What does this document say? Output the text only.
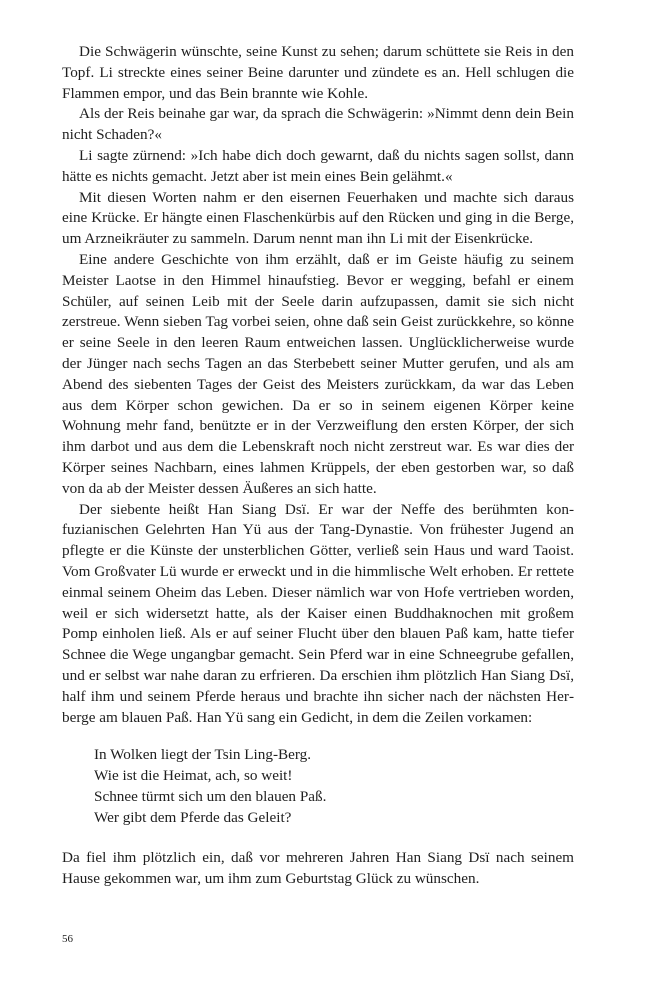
Die Schwägerin wünschte, seine Kunst zu sehen; darum schüttete sie Reis in den Topf. Li streckte eines seiner Beine darunter und zündete es an. Hell schlugen die Flammen empor, und das Bein brannte wie Kohle.

Als der Reis beinahe gar war, da sprach die Schwägerin: »Nimmt denn dein Bein nicht Schaden?«

Li sagte zürnend: »Ich habe dich doch gewarnt, daß du nichts sagen sollst, dann hätte es nichts gemacht. Jetzt aber ist mein eines Bein gelähmt.«

Mit diesen Worten nahm er den eisernen Feuerhaken und machte sich daraus eine Krücke. Er hängte einen Flaschenkürbis auf den Rücken und ging in die Berge, um Arzneikräuter zu sammeln. Darum nennt man ihn Li mit der Eisenkrücke.

Eine andere Geschichte von ihm erzählt, daß er im Geiste häufig zu seinem Meister Laotse in den Himmel hinaufstieg. Bevor er wegging, befahl er einem Schüler, auf seinen Leib mit der Seele darin aufzupassen, damit sie sich nicht zerstreue. Wenn sieben Tag vorbei seien, ohne daß sein Geist zurückkehre, so könne er seine Seele in den leeren Raum entweichen lassen. Unglücklicherweise wurde der Jünger nach sechs Tagen an das Sterbebett seiner Mutter gerufen, und als am Abend des siebenten Tages der Geist des Meisters zurückkam, da war das Leben aus dem Körper schon gewichen. Da er so in seinem eigenen Körper keine Wohnung mehr fand, benützte er in der Verzweiflung den ersten Körper, der sich ihm darbot und aus dem die Lebenskraft noch nicht zerstreut war. Es war dies der Körper seines Nachbarn, eines lahmen Krüppels, der eben gestorben war, so daß von da ab der Meister dessen Äußeres an sich hatte.

Der siebente heißt Han Siang Dsï. Er war der Neffe des berühmten konfuzianischen Gelehrten Han Yü aus der Tang-Dynastie. Von frühester Jugend an pflegte er die Künste der unsterblichen Götter, verließ sein Haus und ward Taoist. Vom Großvater Lü wurde er erweckt und in die himmlische Welt erhoben. Er rettete einmal seinem Oheim das Leben. Dieser nämlich war von Hofe vertrieben worden, weil er sich widersetzt hatte, als der Kaiser einen Buddhaknochen mit großem Pomp einholen ließ. Als er auf seiner Flucht über den blauen Paß kam, hatte tiefer Schnee die Wege ungangbar gemacht. Sein Pferd war in eine Schneegrube gefallen, und er selbst war nahe daran zu erfrieren. Da erschien ihm plötzlich Han Siang Dsï, half ihm und seinem Pferde heraus und brachte ihn sicher nach der nächsten Herberge am blauen Paß. Han Yü sang ein Gedicht, in dem die Zeilen vorkamen:

In Wolken liegt der Tsin Ling-Berg.
Wie ist die Heimat, ach, so weit!
Schnee türmt sich um den blauen Paß.
Wer gibt dem Pferde das Geleit?

Da fiel ihm plötzlich ein, daß vor mehreren Jahren Han Siang Dsï nach seinem Hause gekommen war, um ihm zum Geburtstag Glück zu wünschen.

56
